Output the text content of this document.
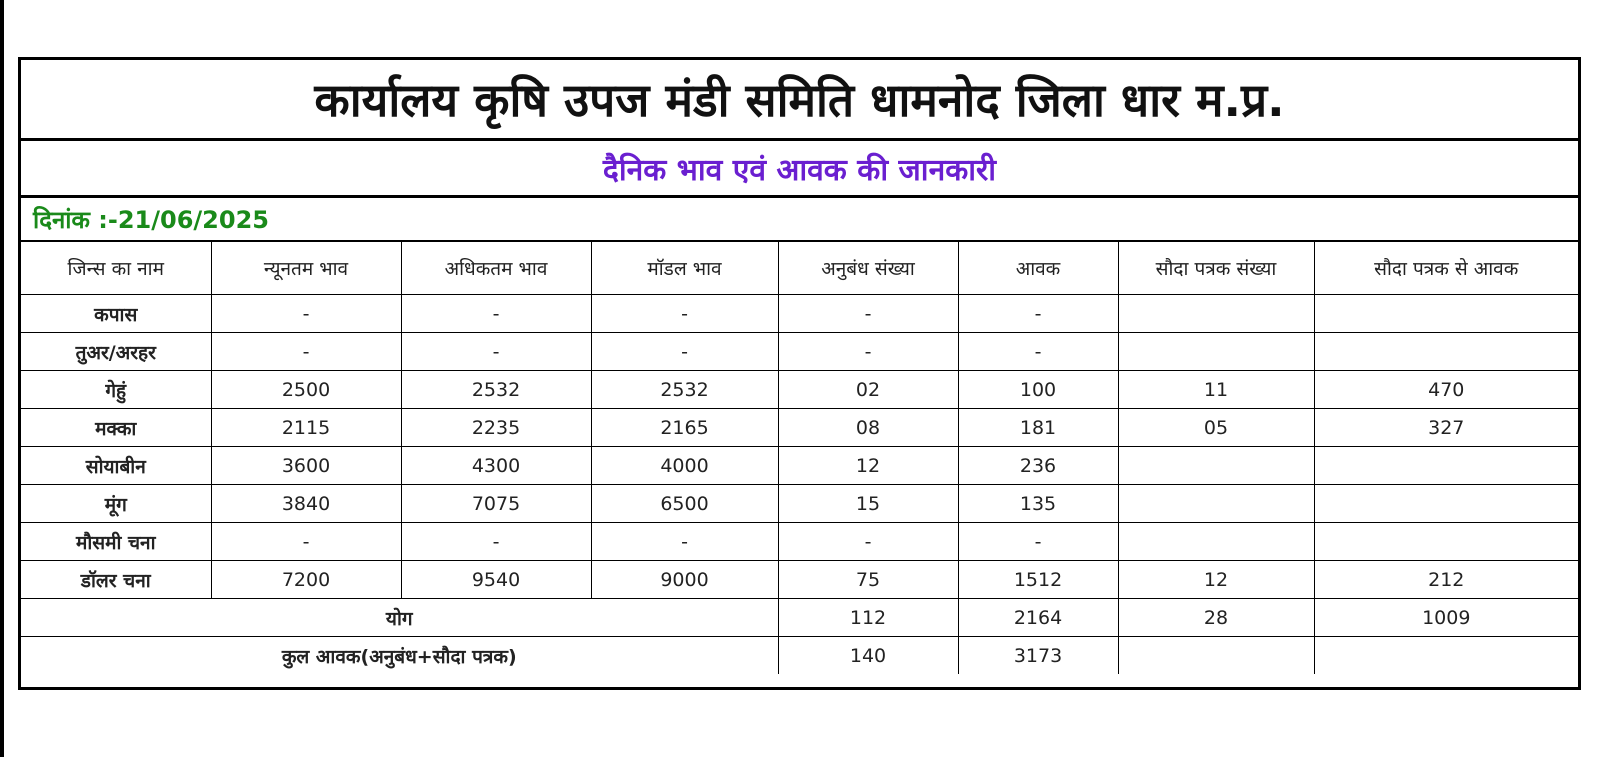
कार्यालय कृषि उपज मंडी समिति धामनोद जिला धार म.प्र.
दैनिक भाव एवं आवक की जानकारी
दिनांक :-21/06/2025
जिन्स का नाम	न्यूनतम भाव	अधिकतम भाव	मॉडल भाव	अनुबंध संख्या	आवक	सौदा पत्रक संख्या	सौदा पत्रक से आवक
कपास	-	-	-	-	-		
तुअर/अरहर	-	-	-	-	-		
गेहुं	2500	2532	2532	02	100	11	470
मक्का	2115	2235	2165	08	181	05	327
सोयाबीन	3600	4300	4000	12	236		
मूंग	3840	7075	6500	15	135		
मौसमी चना	-	-	-	-	-		
डॉलर चना	7200	9540	9000	75	1512	12	212
योग				112	2164	28	1009
कुल आवक(अनुबंध+सौदा पत्रक)				140	3173		
